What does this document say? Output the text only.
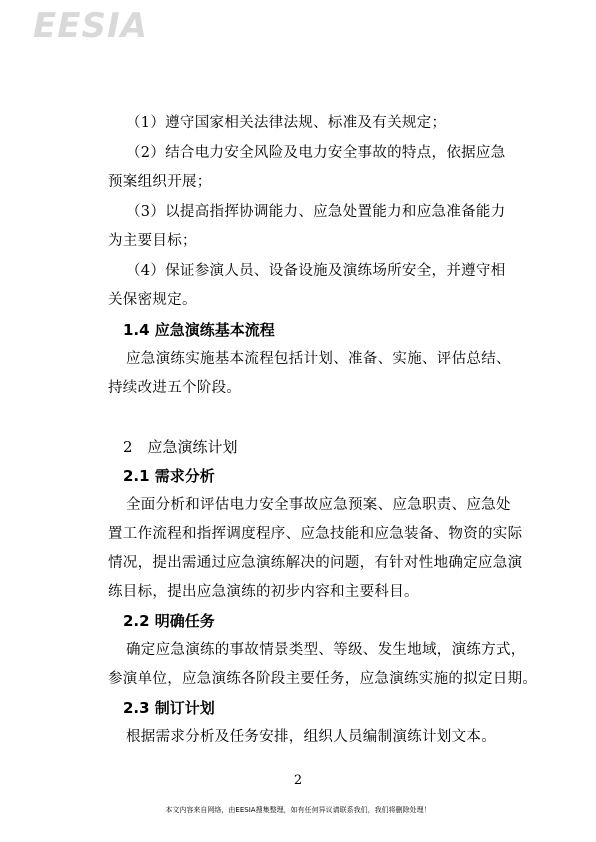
EESIA
（1）遵守国家相关法律法规、标准及有关规定；
（2）结合电力安全风险及电力安全事故的特点，依据应急
预案组织开展；
（3）以提高指挥协调能力、应急处置能力和应急准备能力
为主要目标；
（4）保证参演人员、设备设施及演练场所安全，并遵守相
关保密规定。
1.4 应急演练基本流程
应急演练实施基本流程包括计划、准备、实施、评估总结、
持续改进五个阶段。
2　应急演练计划
2.1 需求分析
全面分析和评估电力安全事故应急预案、应急职责、应急处
置工作流程和指挥调度程序、应急技能和应急装备、物资的实际
情况，提出需通过应急演练解决的问题，有针对性地确定应急演
练目标，提出应急演练的初步内容和主要科目。
2.2 明确任务
确定应急演练的事故情景类型、等级、发生地域，演练方式，
参演单位，应急演练各阶段主要任务，应急演练实施的拟定日期。
2.3 制订计划
根据需求分析及任务安排，组织人员编制演练计划文本。
2
本文内容来自网络，由EESIA搜集整理，如有任何异议请联系我们，我们将删除处理！
